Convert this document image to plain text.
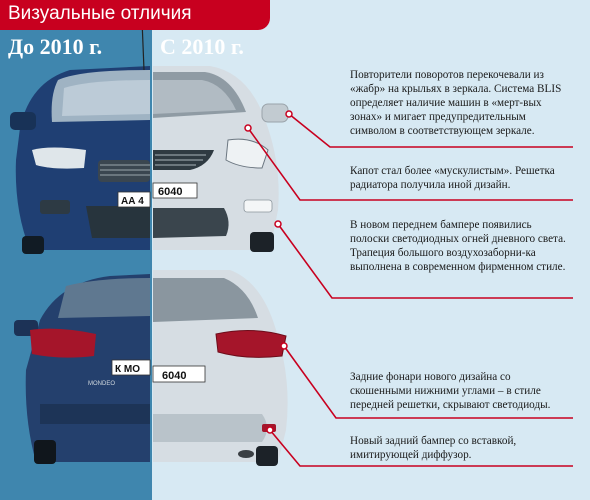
АА 4
6040
MONDEO
К МО
6040
Визуальные отличия
До 2010 г.	С 2010 г.
Повторители поворотов перекочевали из «жабр» на крыльях в зеркала. Система BLIS определяет наличие машин в «мерт-вых зонах» и мигает предупредительным символом в соответствующем зеркале.
Капот стал более «мускулистым». Решетка радиатора получила иной дизайн.
В новом переднем бампере появились полоски светодиодных огней дневного света. Трапеция большого воздухозаборни-ка выполнена в современном фирменном стиле.
Задние фонари нового дизайна со скошенными нижними углами – в стиле передней решетки, скрывают светодиоды.
Новый задний бампер со вставкой, имитирующей диффузор.
